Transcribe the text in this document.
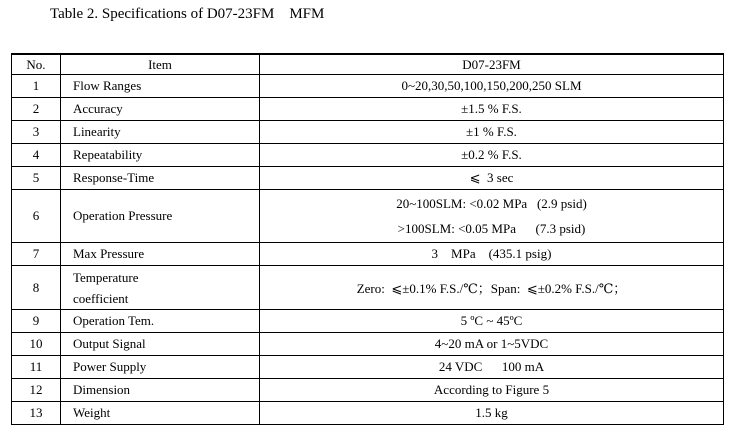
Table 2. Specifications of D07-23FM    MFM
No.	Item	D07-23FM
1	Flow Ranges	0~20,30,50,100,150,200,250 SLM
2	Accuracy	±1.5 % F.S.
3	Linearity	±1 % F.S.
4	Repeatability	±0.2 % F.S.
5	Response-Time	⩽  3 sec
6	Operation Pressure	20~100SLM: <0.02 MPa   (2.9 psid)
>100SLM: <0.05 MPa      (7.3 psid)

7	Max Pressure	3    MPa    (435.1 psig)
8	Temperature
coefficient	Zero:  ⩽±0.1% F.S./℃；Span:  ⩽±0.2% F.S./℃；
9	Operation Tem.	5 ºC ~ 45ºC
10	Output Signal	4~20 mA or 1~5VDC
11	Power Supply	24 VDC      100 mA
12	Dimension	According to Figure 5
13	Weight	1.5 kg
